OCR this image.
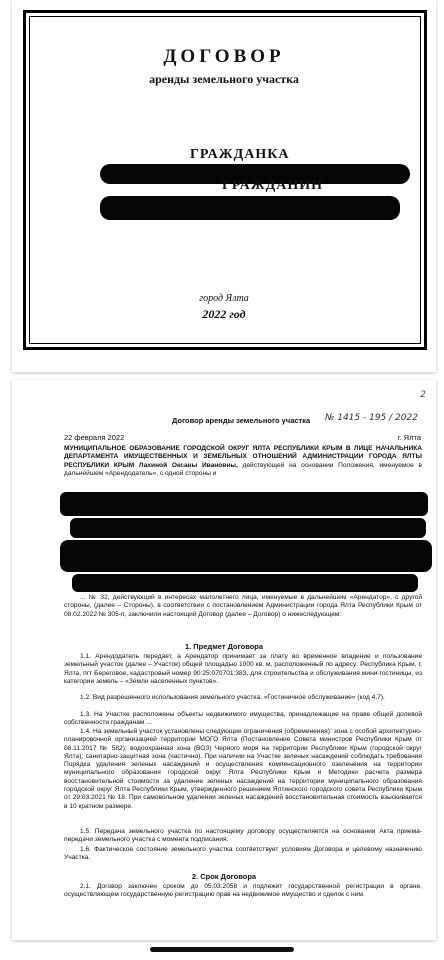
ДОГОВОР
аренды земельного участка
ГРАЖДАНКА
ГРАЖДАНИН
город Ялта
2022 год
2
Договор аренды земельного участка № 1415 - 195 / 2022
22 февраля 2022	г. Ялта
МУНИЦИПАЛЬНОЕ ОБРАЗОВАНИЕ ГОРОДСКОЙ ОКРУГ ЯЛТА РЕСПУБЛИКИ КРЫМ В ЛИЦЕ НАЧАЛЬНИКА ДЕПАРТАМЕНТА ИМУЩЕСТВЕННЫХ И ЗЕМЕЛЬНЫХ ОТНОШЕНИЙ АДМИНИСТРАЦИИ ГОРОДА ЯЛТЫ РЕСПУБЛИКИ КРЫМ Лахиной Оксаны Ивановны, действующей на основании Положения, именуемое в дальнейшем «Арендодатель», с одной стороны и
... № 32, действующий в интересах малолетнего лица, именуемые в дальнейшем «Арендатор», с другой стороны, (далее – Стороны), в соответствии с постановлением Администрации города Ялта Республики Крым от 08.02.2022 № 305-п, заключили настоящий Договор (далее – Договор) о нижеследующем:
1. Предмет Договора
1.1. Арендодатель передает, а Арендатор принимает за плату во временное владение и пользование земельный участок (далее – Участок) общей площадью 1000 кв. м, расположенный по адресу: Республика Крым, г. Ялта, пгт Береговое, кадастровый номер 90:25:070701:383, для строительства и обслуживания мини-гостиницы, из категории земель – «Земли населенных пунктов».
1.2. Вид разрешенного использования земельного участка: «Гостиничное обслуживание» (код 4.7).
1.3. На Участке расположены объекты недвижимого имущества, принадлежащие на праве общей долевой собственности гражданам ...
1.4. На земельный участок установлены следующие ограничения (обременения): зона с особой архитектурно-планировочной организацией территории МОГО Ялта (Постановление Совета министров Республики Крым от 08.11.2017 № 582); водоохранная зона (ВОЗ) Черного моря на территории Республики Крым (городской округ Ялта); санитарно-защитная зона (частично). При наличии на Участке зеленых насаждений соблюдать требования Порядка удаления зеленых насаждений и осуществления компенсационного озеленения на территории муниципального образования городской округ Ялта Республики Крым и Методики расчета размера восстановительной стоимости за удаление зеленых насаждений на территории муниципального образования городской округ Ялта Республики Крым, утвержденного решением Ялтинского городского совета Республики Крым от 29.03.2021 № 18. При самовольном удалении зеленых насаждений восстановительная стоимость взыскивается в 10 кратном размере.
1.5. Передача земельного участка по настоящему договору осуществляется на основании Акта приема-передачи земельного участка с момента подписания.
1.6. Фактическое состояние земельного участка соответствует условиям Договора и целевому назначению Участка.
2. Срок Договора
2.1. Договор заключен сроком до 05.03.2058 и подлежит государственной регистрации в органе, осуществляющем государственную регистрацию прав на недвижимое имущество и сделок с ним.
